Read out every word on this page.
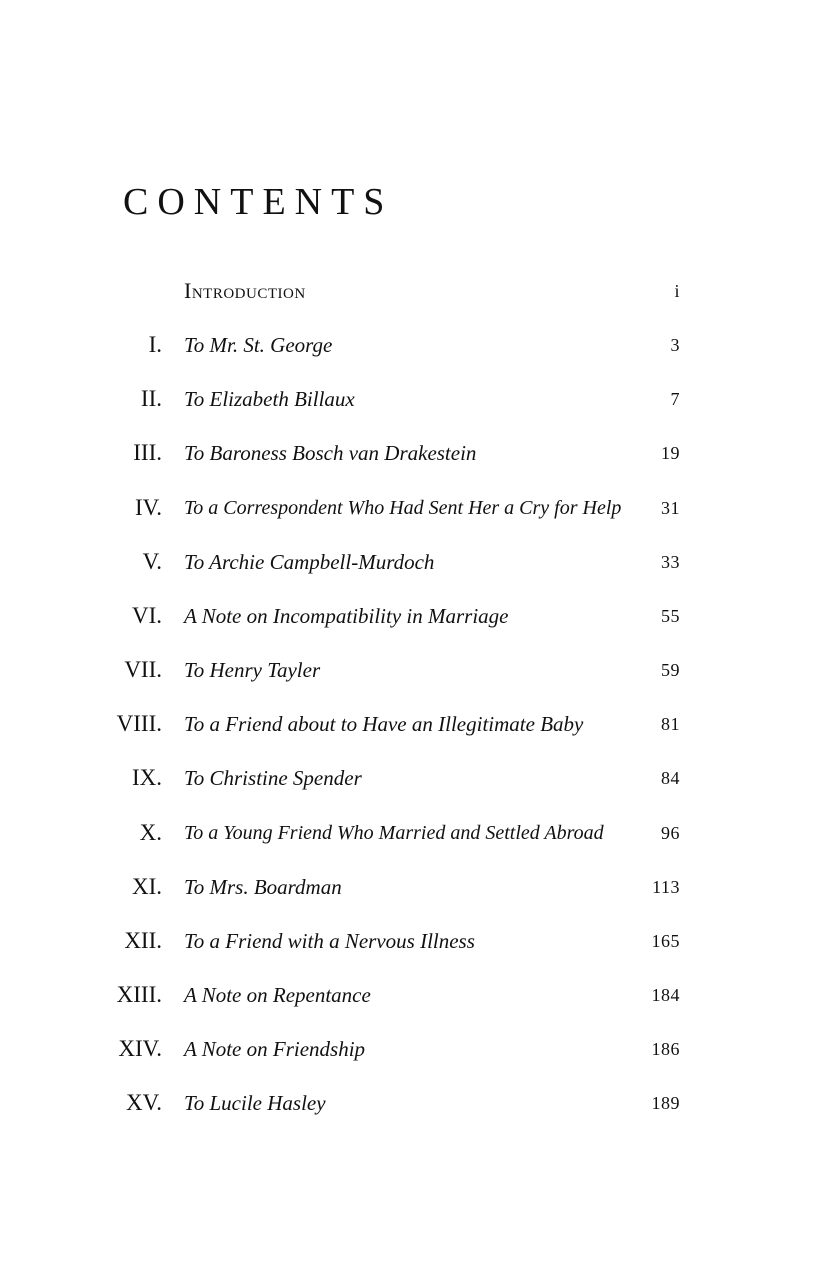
CONTENTS
Introduction	i
I. To Mr. St. George	3
II. To Elizabeth Billaux	7
III. To Baroness Bosch van Drakestein	19
IV. To a Correspondent Who Had Sent Her a Cry for Help 31
V. To Archie Campbell-Murdoch	33
VI. A Note on Incompatibility in Marriage	55
VII. To Henry Tayler	59
VIII. To a Friend about to Have an Illegitimate Baby	81
IX. To Christine Spender	84
X. To a Young Friend Who Married and Settled Abroad	96
XI. To Mrs. Boardman	113
XII. To a Friend with a Nervous Illness	165
XIII. A Note on Repentance	184
XIV. A Note on Friendship	186
XV. To Lucile Hasley	189
